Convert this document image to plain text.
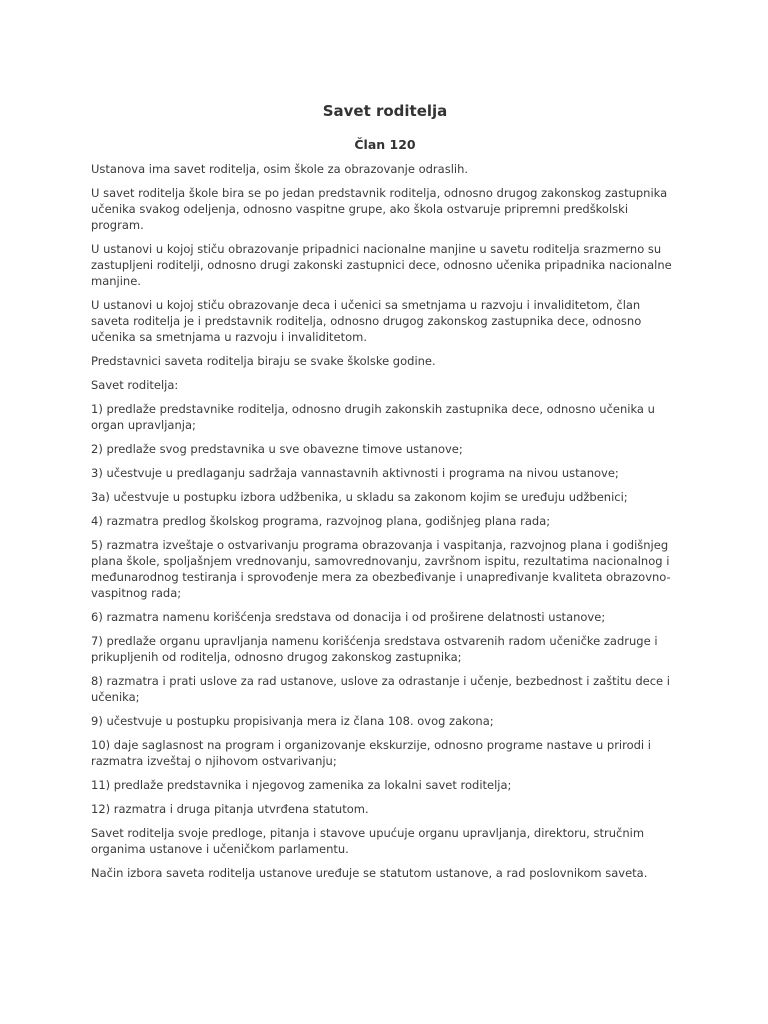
Savet roditelja
Član 120

Ustanova ima savet roditelja, osim škole za obrazovanje odraslih.

U savet roditelja škole bira se po jedan predstavnik roditelja, odnosno drugog zakonskog zastupnika učenika svakog odeljenja, odnosno vaspitne grupe, ako škola ostvaruje pripremni predškolski program.

U ustanovi u kojoj stiču obrazovanje pripadnici nacionalne manjine u savetu roditelja srazmerno su zastupljeni roditelji, odnosno drugi zakonski zastupnici dece, odnosno učenika pripadnika nacionalne manjine.

U ustanovi u kojoj stiču obrazovanje deca i učenici sa smetnjama u razvoju i invaliditetom, član saveta roditelja je i predstavnik roditelja, odnosno drugog zakonskog zastupnika dece, odnosno učenika sa smetnjama u razvoju i invaliditetom.

Predstavnici saveta roditelja biraju se svake školske godine.

Savet roditelja:

1) predlaže predstavnike roditelja, odnosno drugih zakonskih zastupnika dece, odnosno učenika u organ upravljanja;

2) predlaže svog predstavnika u sve obavezne timove ustanove;

3) učestvuje u predlaganju sadržaja vannastavnih aktivnosti i programa na nivou ustanove;

3a) učestvuje u postupku izbora udžbenika, u skladu sa zakonom kojim se uređuju udžbenici;

4) razmatra predlog školskog programa, razvojnog plana, godišnjeg plana rada;

5) razmatra izveštaje o ostvarivanju programa obrazovanja i vaspitanja, razvojnog plana i godišnjeg plana škole, spoljašnjem vrednovanju, samovrednovanju, završnom ispitu, rezultatima nacionalnog i međunarodnog testiranja i sprovođenje mera za obezbeđivanje i unapređivanje kvaliteta obrazovno-vaspitnog rada;

6) razmatra namenu korišćenja sredstava od donacija i od proširene delatnosti ustanove;

7) predlaže organu upravljanja namenu korišćenja sredstava ostvarenih radom učeničke zadruge i prikupljenih od roditelja, odnosno drugog zakonskog zastupnika;

8) razmatra i prati uslove za rad ustanove, uslove za odrastanje i učenje, bezbednost i zaštitu dece i učenika;

9) učestvuje u postupku propisivanja mera iz člana 108. ovog zakona;

10) daje saglasnost na program i organizovanje ekskurzije, odnosno programe nastave u prirodi i razmatra izveštaj o njihovom ostvarivanju;

11) predlaže predstavnika i njegovog zamenika za lokalni savet roditelja;

12) razmatra i druga pitanja utvrđena statutom.

Savet roditelja svoje predloge, pitanja i stavove upućuje organu upravljanja, direktoru, stručnim organima ustanove i učeničkom parlamentu.

Način izbora saveta roditelja ustanove uređuje se statutom ustanove, a rad poslovnikom saveta.
